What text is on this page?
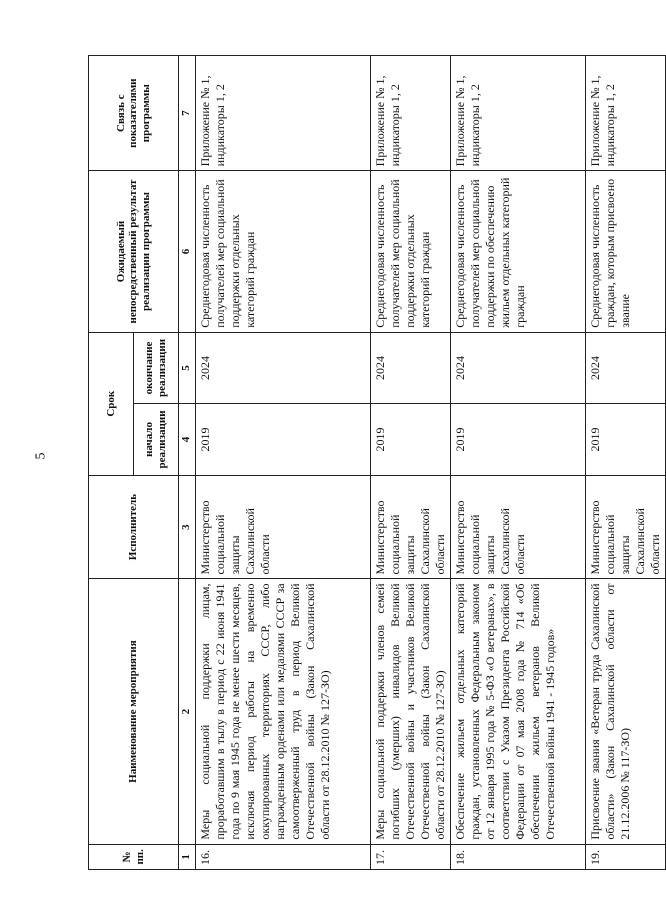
5
№ пп.	Наименование мероприятия	Исполнитель	Срок		Ожидаемый непосредственный результат реализации программы	Связь с показателями программы
			начало реализации	окончание реализации		
1	2	3	4	5	6	7
16.	Меры социальной поддержки лицам, проработавшим в тылу в период с 22 июня 1941 года по 9 мая 1945 года не менее шести месяцев, исключая период работы на временно оккупированных территориях СССР, либо награжденным орденами или медалями СССР за самоотверженный труд в период Великой Отечественной войны (Закон Сахалинской области от 28.12.2010 № 127-ЗО)	Министерство социальной защиты Сахалинской области	2019	2024	Среднегодовая численность получателей мер социальной поддержки отдельных категорий граждан	Приложение № 1, индикаторы 1, 2
17.	Меры социальной поддержки членов семей погибших (умерших) инвалидов Великой Отечественной войны и участников Великой Отечественной войны (Закон Сахалинской области от 28.12.2010 № 127-ЗО)	Министерство социальной защиты Сахалинской области	2019	2024	Среднегодовая численность получателей мер социальной поддержки отдельных категорий граждан	Приложение № 1, индикаторы 1, 2
18.	Обеспечение жильем отдельных категорий граждан, установленных Федеральным законом от 12 января 1995 года № 5-ФЗ «О ветеранах», в соответствии с Указом Президента Российской Федерации от 07 мая 2008 года № 714 «Об обеспечении жильем ветеранов Великой Отечественной войны 1941 - 1945 годов»	Министерство социальной защиты Сахалинской области	2019	2024	Среднегодовая численность получателей мер социальной поддержки по обеспечению жильем отдельных категорий граждан	Приложение № 1, индикаторы 1, 2
19.	Присвоение звания «Ветеран труда Сахалинской области» (Закон Сахалинской области от 21.12.2006 № 117-ЗО)	Министерство социальной защиты Сахалинской области	2019	2024	Среднегодовая численность граждан, которым присвоено звание	Приложение № 1, индикаторы 1, 2
